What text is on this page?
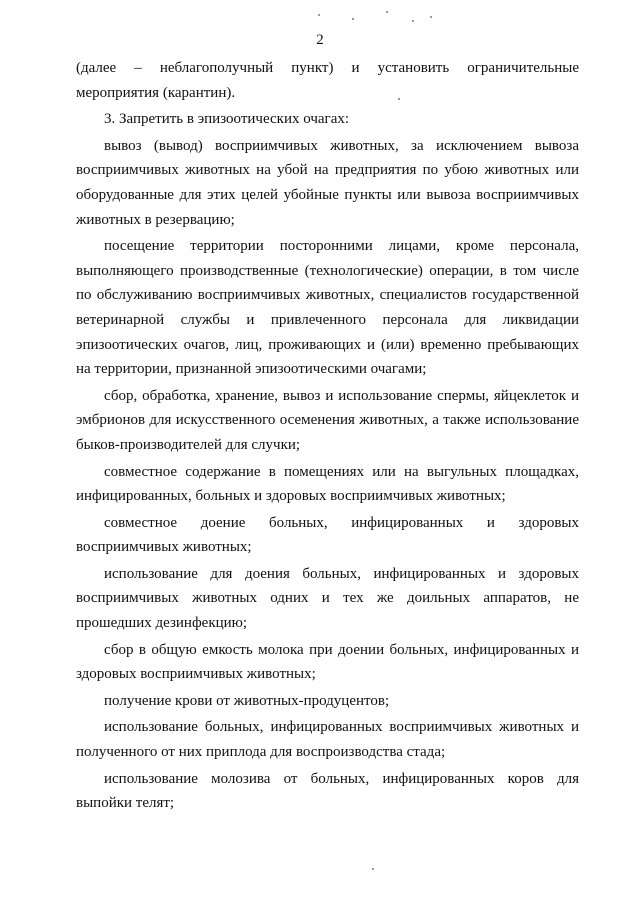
2

(далее – неблагополучный пункт) и установить ограничительные мероприятия (карантин).

3. Запретить в эпизоотических очагах:

вывоз (вывод) восприимчивых животных, за исключением вывоза восприимчивых животных на убой на предприятия по убою животных или оборудованные для этих целей убойные пункты или вывоза восприимчивых животных в резервацию;

посещение территории посторонними лицами, кроме персонала, выполняющего производственные (технологические) операции, в том числе по обслуживанию восприимчивых животных, специалистов государственной ветеринарной службы и привлеченного персонала для ликвидации эпизоотических очагов, лиц, проживающих и (или) временно пребывающих на территории, признанной эпизоотическими очагами;

сбор, обработка, хранение, вывоз и использование спермы, яйцеклеток и эмбрионов для искусственного осеменения животных, а также использование быков-производителей для случки;

совместное содержание в помещениях или на выгульных площадках, инфицированных, больных и здоровых восприимчивых животных;

совместное доение больных, инфицированных и здоровых восприимчивых животных;

использование для доения больных, инфицированных и здоровых восприимчивых животных одних и тех же доильных аппаратов, не прошедших дезинфекцию;

сбор в общую емкость молока при доении больных, инфицированных и здоровых восприимчивых животных;

получение крови от животных-продуцентов;

использование больных, инфицированных восприимчивых животных и полученного от них приплода для воспроизводства стада;

использование молозива от больных, инфицированных коров для выпойки телят;
